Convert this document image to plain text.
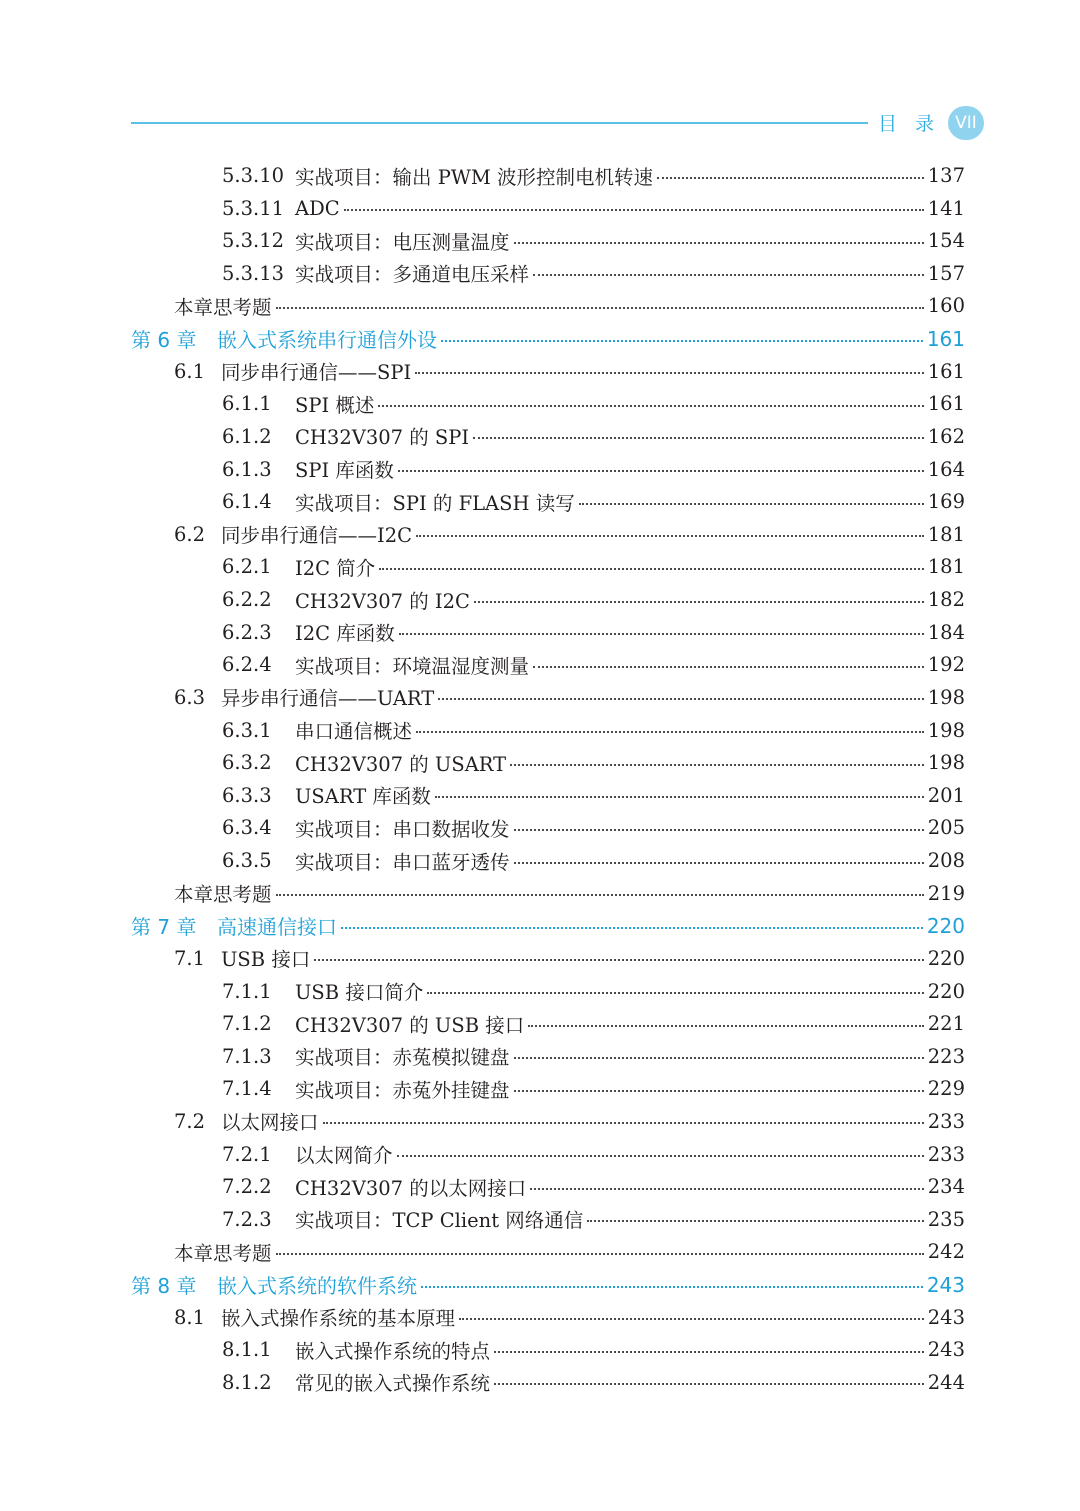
目 录 VII
5.3.10 实战项目：输出 PWM 波形控制电机转速	137
5.3.11 ADC	141
5.3.12 实战项目：电压测量温度	154
5.3.13 实战项目：多通道电压采样	157
本章思考题	160
第 6 章	嵌入式系统串行通信外设	161
6.1 同步串行通信——SPI	161
6.1.1	SPI 概述	161
6.1.2	CH32V307 的 SPI	162
6.1.3	SPI 库函数	164
6.1.4	实战项目：SPI 的 FLASH 读写	169
6.2 同步串行通信——I2C	181
6.2.1	I2C 简介	181
6.2.2	CH32V307 的 I2C	182
6.2.3	I2C 库函数	184
6.2.4	实战项目：环境温湿度测量	192
6.3 异步串行通信——UART	198
6.3.1	串口通信概述	198
6.3.2	CH32V307 的 USART	198
6.3.3	USART 库函数	201
6.3.4	实战项目：串口数据收发	205
6.3.5	实战项目：串口蓝牙透传	208
本章思考题	219
第 7 章	高速通信接口	220
7.1 USB 接口	220
7.1.1	USB 接口简介	220
7.1.2	CH32V307 的 USB 接口	221
7.1.3	实战项目：赤菟模拟键盘	223
7.1.4	实战项目：赤菟外挂键盘	229
7.2 以太网接口	233
7.2.1	以太网简介	233
7.2.2	CH32V307 的以太网接口	234
7.2.3	实战项目：TCP Client 网络通信	235
本章思考题	242
第 8 章	嵌入式系统的软件系统	243
8.1 嵌入式操作系统的基本原理	243
8.1.1	嵌入式操作系统的特点	243
8.1.2	常见的嵌入式操作系统	244
